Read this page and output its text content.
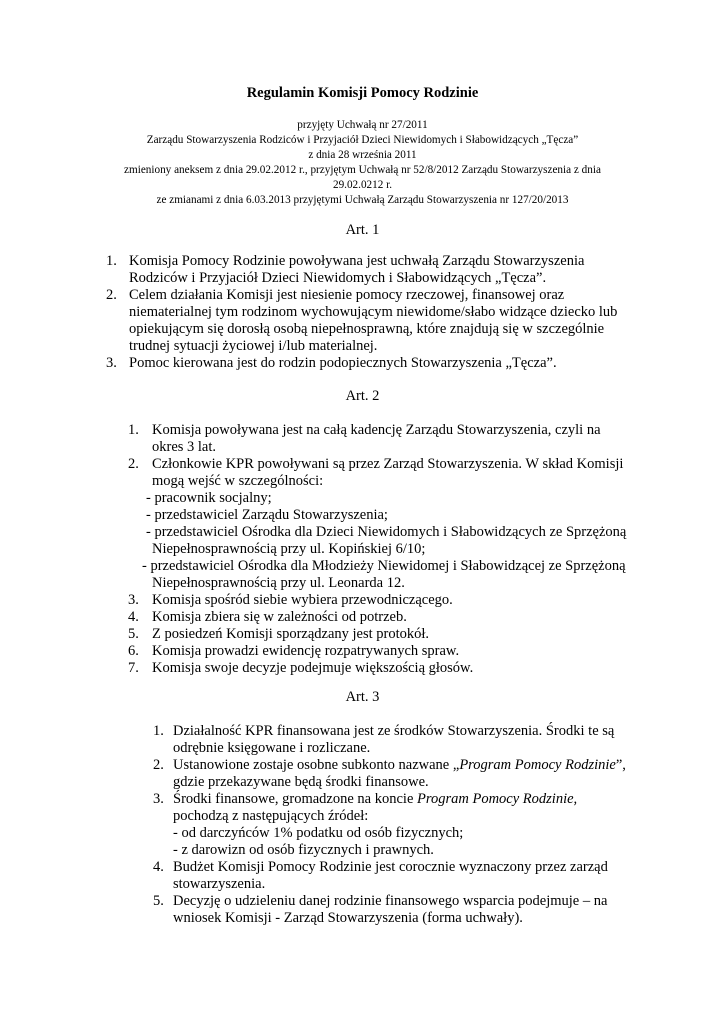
Regulamin Komisji Pomocy Rodzinie
przyjęty Uchwałą nr 27/2011
Zarządu Stowarzyszenia Rodziców i Przyjaciół Dzieci Niewidomych i Słabowidzących „Tęcza”
z dnia 28 września 2011
zmieniony aneksem z dnia 29.02.2012 r., przyjętym Uchwałą nr 52/8/2012 Zarządu Stowarzyszenia z dnia
29.02.0212 r.
ze zmianami z dnia 6.03.2013 przyjętymi Uchwałą Zarządu Stowarzyszenia nr 127/20/2013
Art. 1
1. Komisja Pomocy Rodzinie powoływana jest uchwałą Zarządu Stowarzyszenia
Rodziców i Przyjaciół Dzieci Niewidomych i Słabowidzących „Tęcza”.
2. Celem działania Komisji jest niesienie pomocy rzeczowej, finansowej oraz
niematerialnej tym rodzinom wychowującym niewidome/słabo widzące dziecko lub
opiekującym się dorosłą osobą niepełnosprawną, które znajdują się w szczególnie
trudnej sytuacji życiowej i/lub materialnej.
3. Pomoc kierowana jest do rodzin podopiecznych Stowarzyszenia „Tęcza”.
Art. 2
1. Komisja powoływana jest na całą kadencję Zarządu Stowarzyszenia, czyli na
okres 3 lat.
2. Członkowie KPR powoływani są przez Zarząd Stowarzyszenia. W skład Komisji
mogą wejść w szczególności:
- pracownik socjalny;
- przedstawiciel Zarządu Stowarzyszenia;
- przedstawiciel Ośrodka dla Dzieci Niewidomych i Słabowidzących ze Sprzężoną
Niepełnosprawnością przy ul. Kopińskiej 6/10;
- przedstawiciel Ośrodka dla Młodzieży Niewidomej i Słabowidzącej ze Sprzężoną
Niepełnosprawnością przy ul. Leonarda 12.
3. Komisja spośród siebie wybiera przewodniczącego.
4. Komisja zbiera się w zależności od potrzeb.
5. Z posiedzeń Komisji sporządzany jest protokół.
6. Komisja prowadzi ewidencję rozpatrywanych spraw.
7. Komisja swoje decyzje podejmuje większością głosów.
Art. 3
1. Działalność KPR finansowana jest ze środków Stowarzyszenia. Środki te są
odrębnie księgowane i rozliczane.
2. Ustanowione zostaje osobne subkonto nazwane „Program Pomocy Rodzinie”,
gdzie przekazywane będą środki finansowe.
3. Środki finansowe, gromadzone na koncie Program Pomocy Rodzinie,
pochodzą z następujących źródeł:
- od darczyńców 1% podatku od osób fizycznych;
- z darowizn od osób fizycznych i prawnych.
4. Budżet Komisji Pomocy Rodzinie jest corocznie wyznaczony przez zarząd
stowarzyszenia.
5. Decyzję o udzieleniu danej rodzinie finansowego wsparcia podejmuje – na
wniosek Komisji - Zarząd Stowarzyszenia (forma uchwały).
